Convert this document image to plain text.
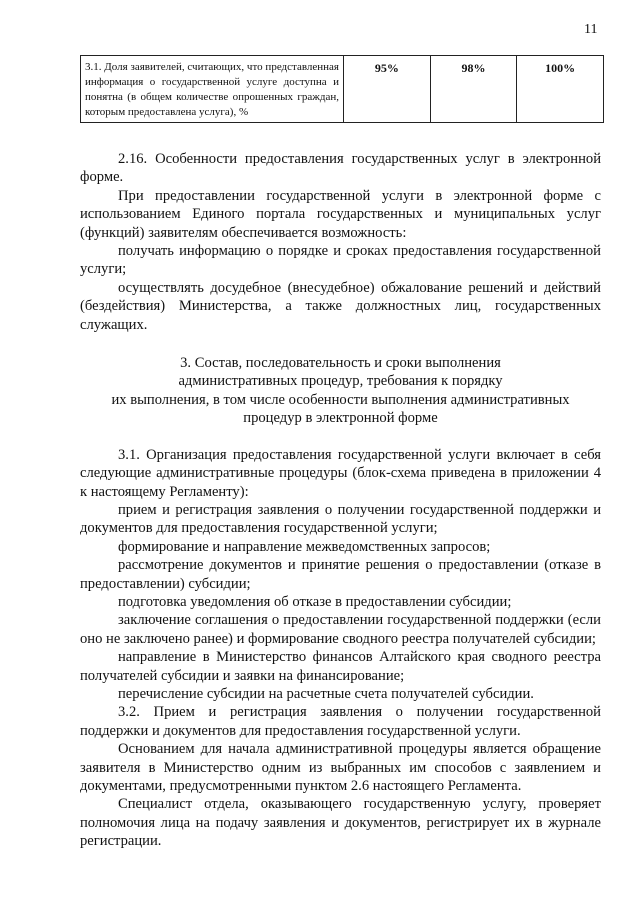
11
3.1. Доля заявителей, считающих, что представленная информация о государственной услуге доступна и понятна (в общем количестве опрошенных граждан, которым предоставлена услуга), %	95%	98%	100%

2.16. Особенности предоставления государственных услуг в электронной форме.

При предоставлении государственной услуги в электронной форме с использованием Единого портала государственных и муниципальных услуг (функций) заявителям обеспечивается возможность:

получать информацию о порядке и сроках предоставления государственной услуги;

осуществлять досудебное (внесудебное) обжалование решений и действий (бездействия) Министерства, а также должностных лиц, государственных служащих.

3. Состав, последовательность и сроки выполнения
административных процедур, требования к порядку
их выполнения, в том числе особенности выполнения административных
процедур в электронной форме

3.1. Организация предоставления государственной услуги включает в себя следующие административные процедуры (блок-схема приведена в приложении 4 к настоящему Регламенту):

прием и регистрация заявления о получении государственной поддержки и документов для предоставления государственной услуги;

формирование и направление межведомственных запросов;

рассмотрение документов и принятие решения о предоставлении (отказе в предоставлении) субсидии;

подготовка уведомления об отказе в предоставлении субсидии;

заключение соглашения о предоставлении государственной поддержки (если оно не заключено ранее) и формирование сводного реестра получателей субсидии;

направление в Министерство финансов Алтайского края сводного реестра получателей субсидии и заявки на финансирование;

перечисление субсидии на расчетные счета получателей субсидии.

3.2. Прием и регистрация заявления о получении государственной поддержки и документов для предоставления государственной услуги.

Основанием для начала административной процедуры является обращение заявителя в Министерство одним из выбранных им способов с заявлением и документами, предусмотренными пунктом 2.6 настоящего Регламента.

Специалист отдела, оказывающего государственную услугу, проверяет полномочия лица на подачу заявления и документов, регистрирует их в журнале регистрации.
